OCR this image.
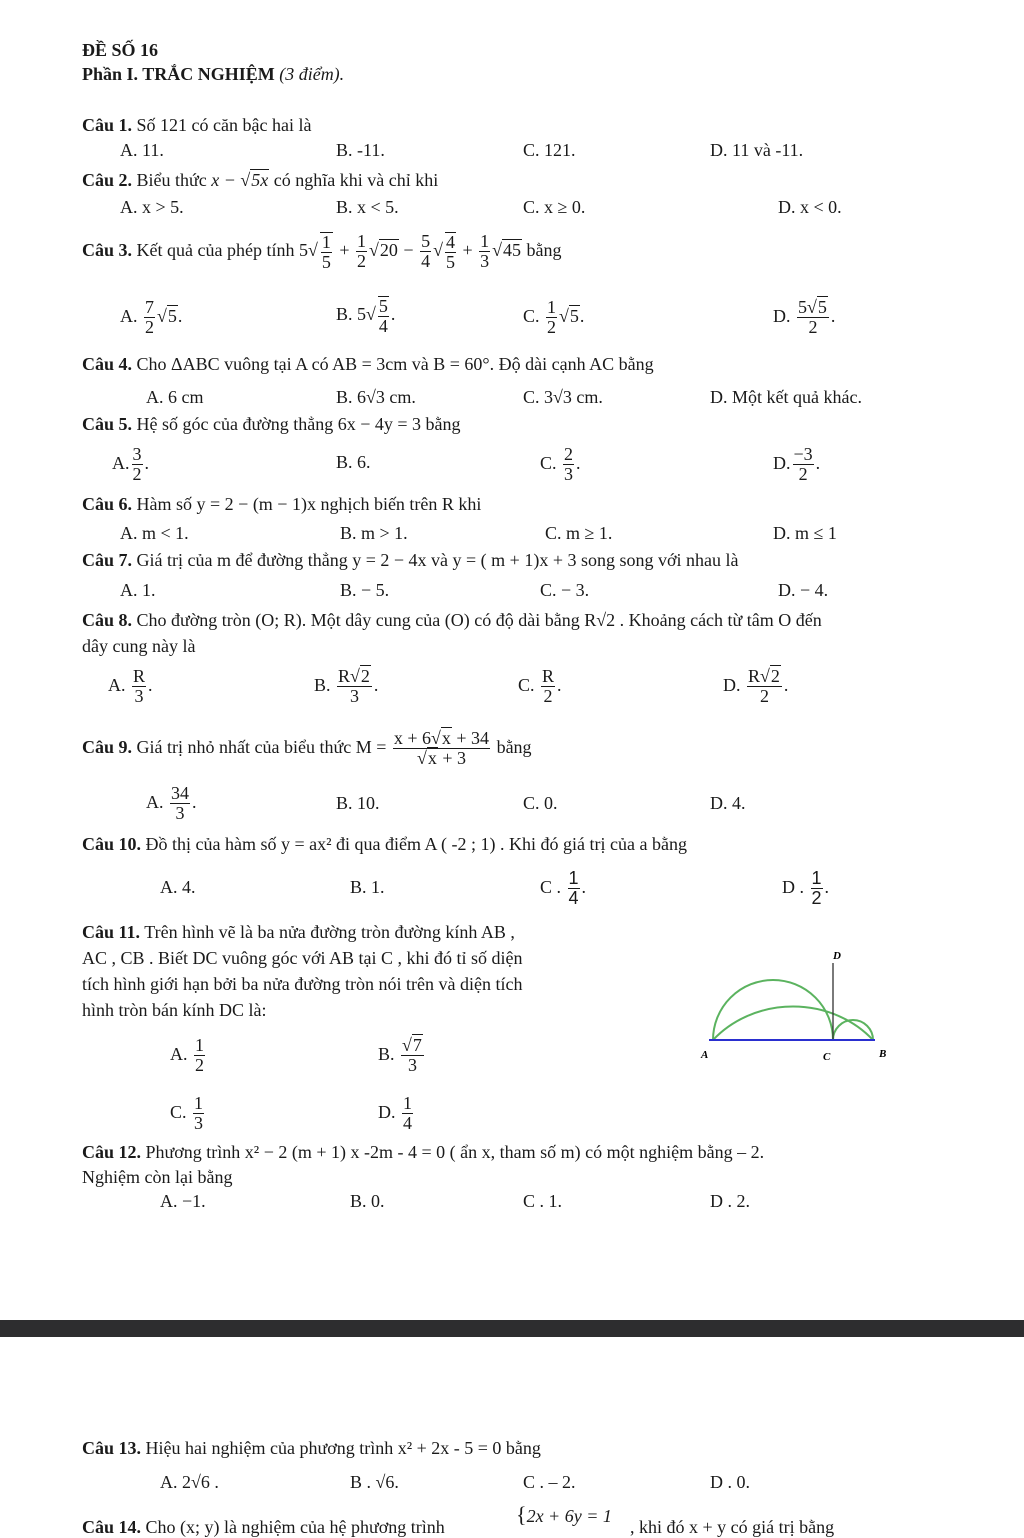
ĐỀ SỐ 16
Phần I. TRẮC NGHIỆM (3 điểm).
Câu 1. Số 121 có căn bậc hai là
A. 11.	B. -11.	C. 121.	D. 11 và -11.
Câu 2. Biểu thức x − √5x có nghĩa khi và chỉ khi
A. x > 5.	B. x < 5.	C. x ≥ 0.	D. x < 0.
Câu 3. Kết quả của phép tính $5√ \frac{1}{5} + \frac{1}{2} √20 - \frac{5}{4}$ √ $\frac{4}{5} + \frac{1}{3} √45$ bằng
A. $\frac{7}{2} √5$.	B. $5√ \frac{5}{4}$ .	C. $\frac{1}{2} √5$.	D. $\frac{5√5}{2}$ .
Câu 4. Cho ΔABC vuông tại A có AB = 3cm và B = 60°. Độ dài cạnh AC bằng
A. 6 cm	B. 6√3 cm.	C. 3√3 cm.	D. Một kết quả khác.
Câu 5. Hệ số góc của đường thẳng 6x − 4y = 3 bằng
A. $\frac{3}{2}$ .	B. 6.	C. $\frac{2}{3}$ .	D. $\frac{-3}{2}$ .
Câu 6. Hàm số y = 2 − (m − 1)x nghịch biến trên R khi
A. m < 1.	B. m > 1.	C. m ≥ 1.	D. m ≤ 1
Câu 7. Giá trị của m để đường thẳng y = 2 − 4x và y = ( m + 1)x + 3 song song với nhau là
A. 1.	B. − 5.	C. − 3.	D. − 4.
Câu 8. Cho đường tròn (O; R). Một dây cung của (O) có độ dài bằng R√2 . Khoảng cách từ tâm O đến
dây cung này là
A. $\frac{R}{3}$ .	B. $\frac{R√2}{3}$ .	C. $\frac{R}{2}$ .	D. $\frac{R√2}{2}$ .
Câu 9. Giá trị nhỏ nhất của biểu thức $M = \frac{x + 6√x + 34}{√x + 3}$ bằng
A. $\frac{34}{3}$ .	B. 10.	C. 0.	D. 4.
Câu 10. Đồ thị của hàm số y = ax² đi qua điểm A ( -2 ; 1) . Khi đó giá trị của a bằng
A. 4.	B. 1.	C . $\frac{1}{4}$ .	D . $\frac{1}{2}$ .
Câu 11. Trên hình vẽ là ba nửa đường tròn đường kính AB ,
AC , CB . Biết DC vuông góc với AB tại C , khi đó tỉ số diện
tích hình giới hạn bởi ba nửa đường tròn nói trên và diện tích
hình tròn bán kính DC là:
A. $\frac{1}{2}$	B. $\frac{√7}{3}$
C. $\frac{1}{3}$	D. $\frac{1}{4}$
D
A	C	B
Câu 12. Phương trình x² − 2 (m + 1) x -2m - 4 = 0 ( ẩn x, tham số m) có một nghiệm bằng – 2.
Nghiệm còn lại bằng
A. −1.	B. 0.	C . 1.	D . 2.
Câu 13. Hiệu hai nghiệm của phương trình x² + 2x - 5 = 0 bằng
A. 2√6 .	B . √6.	C . – 2.	D . 0.
Câu 14. Cho (x; y) là nghiệm của hệ phương trình	{2x + 6y = 1
, khi đó x + y có giá trị bằng
